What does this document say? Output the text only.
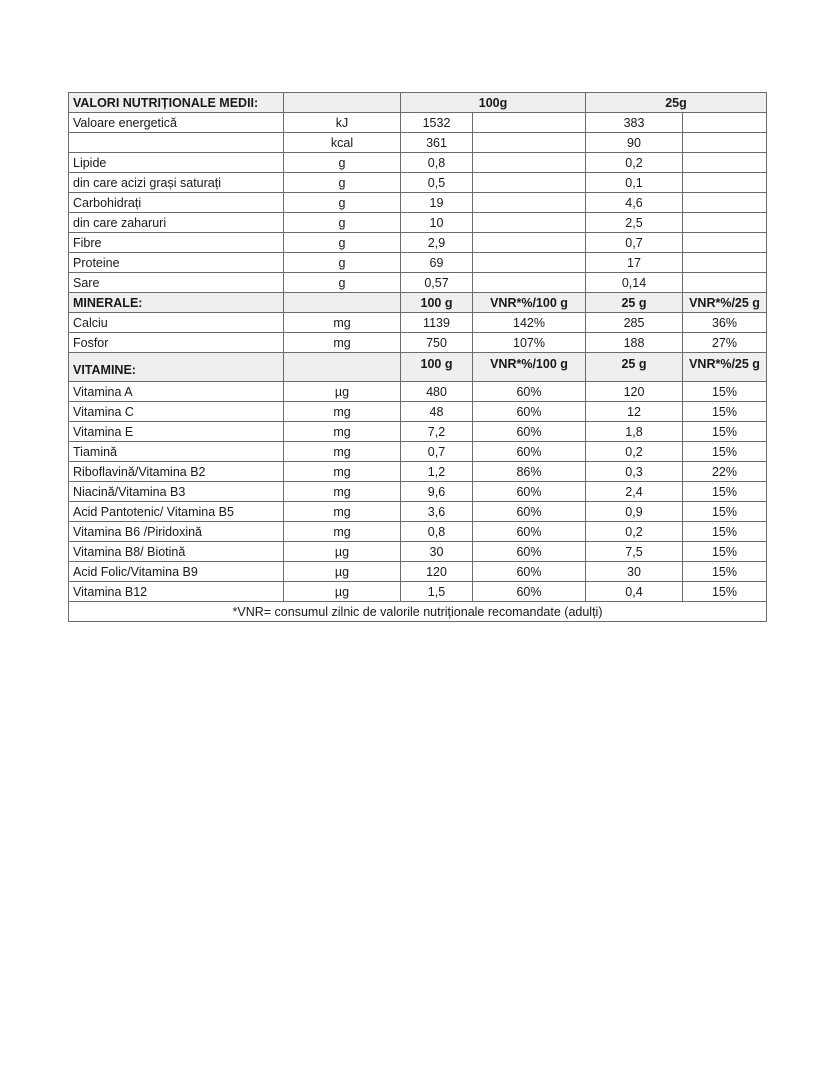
VALORI NUTRIȚIONALE MEDII:		100g		25g	
Valoare energetică	kJ	1532		383	
	kcal	361		90	
Lipide	g	0,8		0,2	
din care acizi grași saturați	g	0,5		0,1	
Carbohidrați	g	19		4,6	
din care zaharuri	g	10		2,5	
Fibre	g	2,9		0,7	
Proteine	g	69		17	
Sare	g	0,57		0,14	
MINERALE:		100 g	VNR*%/100 g	25 g	VNR*%/25 g
Calciu	mg	1139	142%	285	36%
Fosfor	mg	750	107%	188	27%
VITAMINE:		100 g	VNR*%/100 g	25 g	VNR*%/25 g
Vitamina A	µg	480	60%	120	15%
Vitamina C	mg	48	60%	12	15%
Vitamina E	mg	7,2	60%	1,8	15%
Tiamină	mg	0,7	60%	0,2	15%
Riboflavină/Vitamina B2	mg	1,2	86%	0,3	22%
Niacină/Vitamina B3	mg	9,6	60%	2,4	15%
Acid Pantotenic/ Vitamina B5	mg	3,6	60%	0,9	15%
Vitamina B6 /Piridoxină	mg	0,8	60%	0,2	15%
Vitamina B8/ Biotină	µg	30	60%	7,5	15%
Acid Folic/Vitamina B9	µg	120	60%	30	15%
Vitamina B12	µg	1,5	60%	0,4	15%
*VNR= consumul zilnic de valorile nutriționale recomandate (adulți)					
